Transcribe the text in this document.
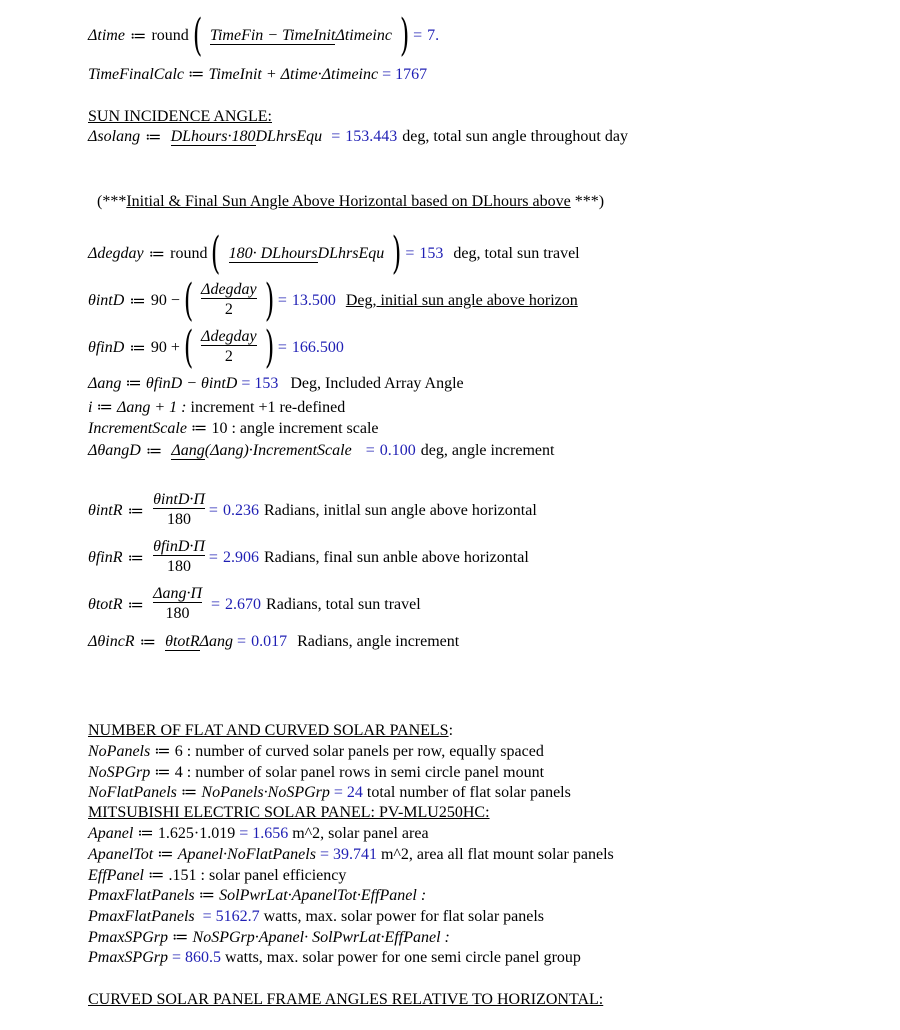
Δtime ≔ round ( TimeFin − TimeInitΔtimeinc ) = 7.
TimeFinalCalc ≔ TimeInit + Δtime·Δtimeinc = 1767
SUN INCIDENCE ANGLE:
Δsolang ≔ DLhours·180DLhrsEqu = 153.443 deg, total sun angle throughout day
(***Initial & Final Sun Angle Above Horizontal based on DLhours above ***)
Δdegday ≔ round ( 180· DLhoursDLhrsEqu ) = 153 deg, total sun travel
θintD ≔ 90 − ( $\frac{\text{Δdegday}}{2}$ ) = 13.500 Deg, initial sun angle above horizon
θfinD ≔ 90 + ( $\frac{\text{Δdegday}}{2}$ ) = 166.500
Δang ≔ θfinD − θintD = 153 Deg, Included Array Angle
i ≔ Δang + 1 : increment +1 re-defined
IncrementScale ≔ 10 : angle increment scale
ΔθangD ≔ Δang(Δang)·IncrementScale = 0.100 deg, angle increment
θintR ≔ $\frac{\text{θintD·Π}}{180} = 0.236$ Radians, initlal sun angle above horizontal
θfinR ≔ $\frac{\text{θfinD·Π}}{180} = 2.906$ Radians, final sun anble above horizontal
θtotR ≔ $\frac{\text{Δang·Π}}{180} = 2.670$ Radians, total sun travel
ΔθincR ≔ θtotRΔang = 0.017 Radians, angle increment
NUMBER OF FLAT AND CURVED SOLAR PANELS:
NoPanels ≔ 6 : number of curved solar panels per row, equally spaced
NoSPGrp ≔ 4 : number of solar panel rows in semi circle panel mount
NoFlatPanels ≔ NoPanels·NoSPGrp = 24 total number of flat solar panels
MITSUBISHI ELECTRIC SOLAR PANEL: PV-MLU250HC:
Apanel ≔ 1.625·1.019 = 1.656 m^2, solar panel area
ApanelTot ≔ Apanel·NoFlatPanels = 39.741 m^2, area all flat mount solar panels
EffPanel ≔ .151 : solar panel efficiency
PmaxFlatPanels ≔ SolPwrLat·ApanelTot·EffPanel :
PmaxFlatPanels = 5162.7 watts, max. solar power for flat solar panels
PmaxSPGrp ≔ NoSPGrp·Apanel· SolPwrLat·EffPanel :
PmaxSPGrp = 860.5 watts, max. solar power for one semi circle panel group
CURVED SOLAR PANEL FRAME ANGLES RELATIVE TO HORIZONTAL:
